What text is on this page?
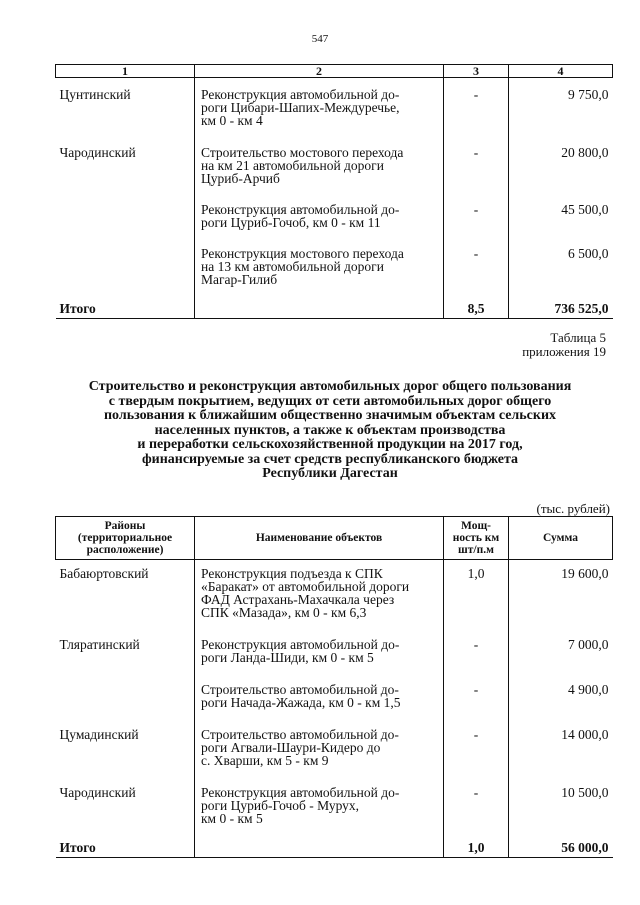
547
1	2	3	4
Цунтинский	Реконструкция автомобильной до-
роги Цибари-Шапих-Междуречье,
км 0 - км 4	-	9 750,0
Чародинский	Строительство мостового перехода
на км 21 автомобильной дороги
Цуриб-Арчиб	-	20 800,0
	Реконструкция автомобильной до-
роги Цуриб-Гочоб, км 0 - км 11	-	45 500,0
	Реконструкция мостового перехода
на 13 км автомобильной дороги
Магар-Гилиб	-	6 500,0
Итого		8,5	736 525,0
Таблица 5
приложения 19
Строительство и реконструкция автомобильных дорог общего пользования
с твердым покрытием, ведущих от сети автомобильных дорог общего
пользования к ближайшим общественно значимым объектам сельских
населенных пунктов, а также к объектам производства
и переработки сельскохозяйственной продукции на 2017 год,
финансируемые за счет средств республиканского бюджета
Республики Дагестан
(тыс. рублей)
Районы
(территориальное
расположение)	Наименование объектов	Мощ-
ность км
шт/п.м	Сумма
Бабаюртовский	Реконструкция подъезда к СПК
«Баракат» от автомобильной дороги
ФАД Астрахань-Махачкала через
СПК «Мазада», км 0 - км 6,3	1,0	19 600,0
Тляратинский	Реконструкция автомобильной до-
роги Ланда-Шиди, км 0 - км 5	-	7 000,0
	Строительство автомобильной до-
роги Начада-Жажада, км 0 - км 1,5	-	4 900,0
Цумадинский	Строительство автомобильной до-
роги Агвали-Шаури-Кидеро до
с. Хварши, км 5 - км 9	-	14 000,0
Чародинский	Реконструкция автомобильной до-
роги Цуриб-Гочоб - Мурух,
км 0 - км 5	-	10 500,0
Итого		1,0	56 000,0
